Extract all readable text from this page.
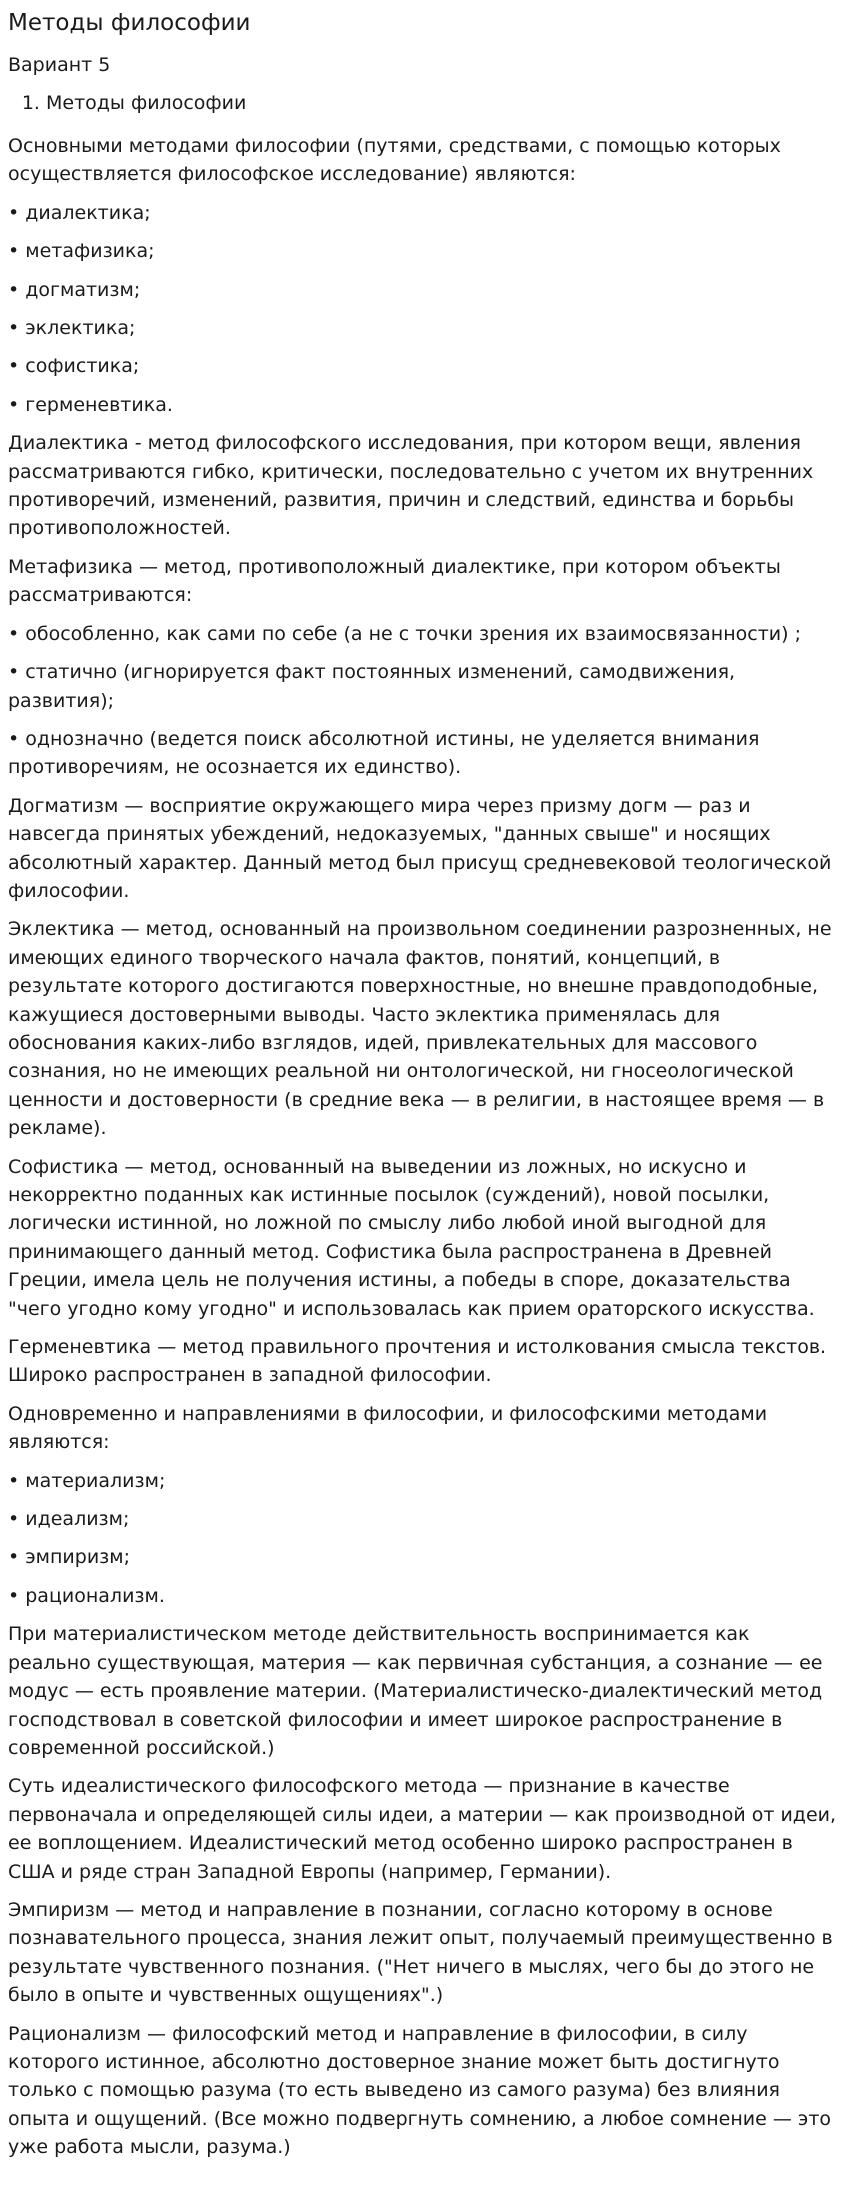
Методы философии
Вариант 5
1. Методы философии

Основными методами философии (путями, средствами, с помощью которых осуществляется философское исследование) являются:

• диалектика;

• метафизика;

• догматизм;

• эклектика;

• софистика;

• герменевтика.

Диалектика - метод философского исследования, при котором вещи, явления рассматриваются гибко, критически, последовательно с учетом их внутренних противоречий, изменений, развития, причин и следствий, единства и борьбы противоположностей.

Метафизика — метод, противоположный диалектике, при котором объекты рассматриваются:

• обособленно, как сами по себе (а не с точки зрения их взаимосвязанности) ;

• статично (игнорируется факт постоянных изменений, самодвижения, развития);

• однозначно (ведется поиск абсолютной истины, не уделяется внимания противоречиям, не осознается их единство).

Догматизм — восприятие окружающего мира через призму догм — раз и навсегда принятых убеждений, недоказуемых, "данных свыше" и носящих абсолютный характер. Данный метод был присущ средневековой теологической философии.

Эклектика — метод, основанный на произвольном соединении разрозненных, не имеющих единого творческого начала фактов, понятий, концепций, в результате которого достигаются поверхностные, но внешне правдоподобные, кажущиеся достоверными выводы. Часто эклектика применялась для обоснования каких-либо взглядов, идей, привлекательных для массового сознания, но не имеющих реальной ни онтологической, ни гносеологической ценности и достоверности (в средние века — в религии, в настоящее время — в рекламе).

Софистика — метод, основанный на выведении из ложных, но искусно и некорректно поданных как истинные посылок (суждений), новой посылки, логически истинной, но ложной по смыслу либо любой иной выгодной для принимающего данный метод. Софистика была распространена в Древней Греции, имела цель не получения истины, а победы в споре, доказательства "чего угодно кому угодно" и использовалась как прием ораторского искусства.

Герменевтика — метод правильного прочтения и истолкования смысла текстов. Широко распространен в западной философии.

Одновременно и направлениями в философии, и философскими методами являются:

• материализм;

• идеализм;

• эмпиризм;

• рационализм.

При материалистическом методе действительность воспринимается как реально существующая, материя — как первичная субстанция, а сознание — ее модус — есть проявление материи. (Материалистическо-диалектический метод господствовал в советской философии и имеет широкое распространение в современной российской.)

Суть идеалистического философского метода — признание в качестве первоначала и определяющей силы идеи, а материи — как производной от идеи, ее воплощением. Идеалистический метод особенно широко распространен в США и ряде стран Западной Европы (например, Германии).

Эмпиризм — метод и направление в познании, согласно которому в основе познавательного процесса, знания лежит опыт, получаемый преимущественно в результате чувственного познания. ("Нет ничего в мыслях, чего бы до этого не было в опыте и чувственных ощущениях".)

Рационализм — философский метод и направление в философии, в силу которого истинное, абсолютно достоверное знание может быть достигнуто только с помощью разума (то есть выведено из самого разума) без влияния опыта и ощущений. (Все можно подвергнуть сомнению, а любое сомнение — это уже работа мысли, разума.)
